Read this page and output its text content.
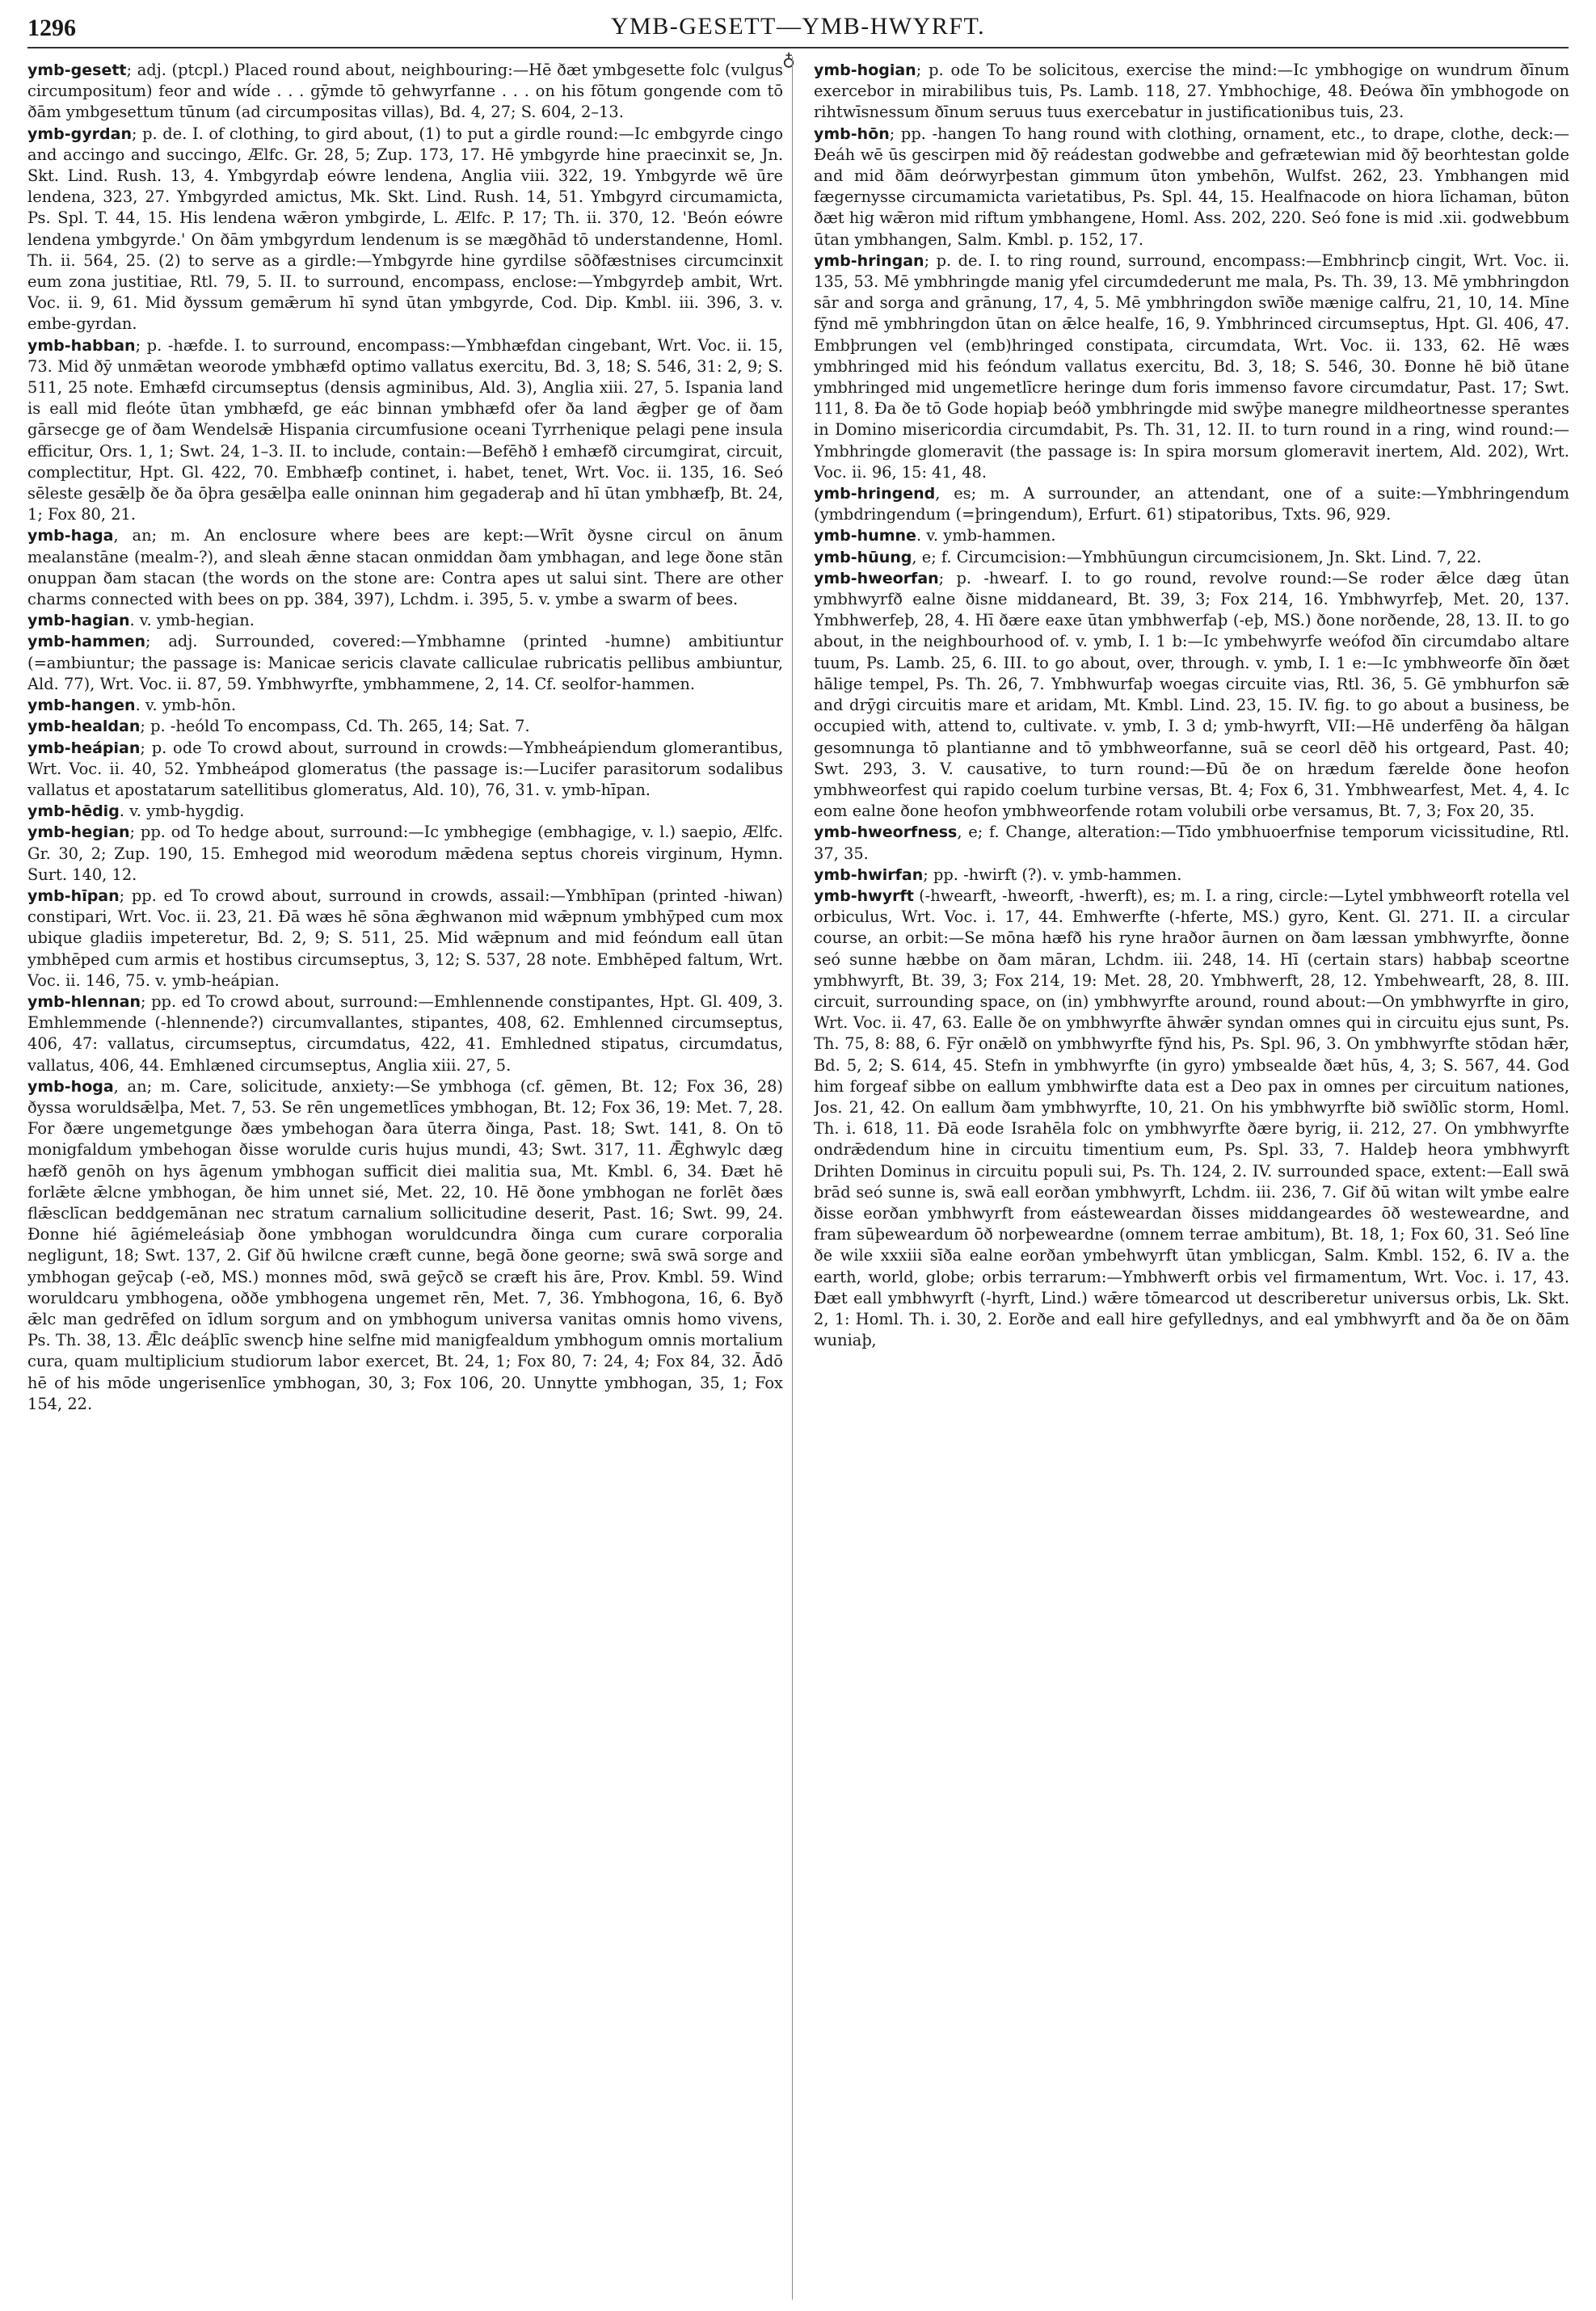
1296	YMB-GESETT—YMB-HWYRFT.
♁

ymb-gesett; adj. (ptcpl.) Placed round about, neighbouring:—Hē ðæt ymbgesette folc (vulgus circumpositum) feor and wíde . . . gȳmde tō gehwyrfanne . . . on his fōtum gongende com tō ðām ymbgesettum tūnum (ad circumpositas villas), Bd. 4, 27; S. 604, 2–13.

ymb-gyrdan; p. de. I. of clothing, to gird about, (1) to put a girdle round:—Ic embgyrde cingo and accingo and succingo, Ælfc. Gr. 28, 5; Zup. 173, 17. Hē ymbgyrde hine praecinxit se, Jn. Skt. Lind. Rush. 13, 4. Ymbgyrdaþ eówre lendena, Anglia viii. 322, 19. Ymbgyrde wē ūre lendena, 323, 27. Ymbgyrded amictus, Mk. Skt. Lind. Rush. 14, 51. Ymbgyrd circumamicta, Ps. Spl. T. 44, 15. His lendena wǣron ymbgirde, L. Ælfc. P. 17; Th. ii. 370, 12. 'Beón eówre lendena ymbgyrde.' On ðām ymbgyrdum lendenum is se mægðhād tō understandenne, Homl. Th. ii. 564, 25. (2) to serve as a girdle:—Ymbgyrde hine gyrdilse sōðfæstnises circumcinxit eum zona justitiae, Rtl. 79, 5. II. to surround, encompass, enclose:—Ymbgyrdeþ ambit, Wrt. Voc. ii. 9, 61. Mid ðyssum gemǣrum hī synd ūtan ymbgyrde, Cod. Dip. Kmbl. iii. 396, 3. v. embe-gyrdan.

ymb-habban; p. -hæfde. I. to surround, encompass:—Ymbhæfdan cingebant, Wrt. Voc. ii. 15, 73. Mid ðȳ unmǣtan weorode ymbhæfd optimo vallatus exercitu, Bd. 3, 18; S. 546, 31: 2, 9; S. 511, 25 note. Emhæfd circumseptus (densis agminibus, Ald. 3), Anglia xiii. 27, 5. Ispania land is eall mid fleóte ūtan ymbhæfd, ge eác binnan ymbhæfd ofer ða land ǣgþer ge of ðam gārsecge ge of ðam Wendelsǣ Hispania circumfusione oceani Tyrrhenique pelagi pene insula efficitur, Ors. 1, 1; Swt. 24, 1–3. II. to include, contain:—Befēhð ł emhæfð circumgirat, circuit, complectitur, Hpt. Gl. 422, 70. Embhæfþ continet, i. habet, tenet, Wrt. Voc. ii. 135, 16. Seó sēleste gesǣlþ ðe ða ōþra gesǣlþa ealle oninnan him gegaderaþ and hī ūtan ymbhæfþ, Bt. 24, 1; Fox 80, 21.

ymb-haga, an; m. An enclosure where bees are kept:—Wrīt ðysne circul on ānum mealanstāne (mealm-?), and sleah ǣnne stacan onmiddan ðam ymbhagan, and lege ðone stān onuppan ðam stacan (the words on the stone are: Contra apes ut salui sint. There are other charms connected with bees on pp. 384, 397), Lchdm. i. 395, 5. v. ymbe a swarm of bees.

ymb-hagian. v. ymb-hegian.

ymb-hammen; adj. Surrounded, covered:—Ymbhamne (printed -humne) ambitiuntur (=ambiuntur; the passage is: Manicae sericis clavate calliculae rubricatis pellibus ambiuntur, Ald. 77), Wrt. Voc. ii. 87, 59. Ymbhwyrfte, ymbhammene, 2, 14. Cf. seolfor-hammen.

ymb-hangen. v. ymb-hōn.

ymb-healdan; p. -heóld To encompass, Cd. Th. 265, 14; Sat. 7.

ymb-heápian; p. ode To crowd about, surround in crowds:—Ymbheápiendum glomerantibus, Wrt. Voc. ii. 40, 52. Ymbheápod glomeratus (the passage is:—Lucifer parasitorum sodalibus vallatus et apostatarum satellitibus glomeratus, Ald. 10), 76, 31. v. ymb-hīpan.

ymb-hēdig. v. ymb-hygdig.

ymb-hegian; pp. od To hedge about, surround:—Ic ymbhegige (embhagige, v. l.) saepio, Ælfc. Gr. 30, 2; Zup. 190, 15. Emhegod mid weorodum mǣdena septus choreis virginum, Hymn. Surt. 140, 12.

ymb-hīpan; pp. ed To crowd about, surround in crowds, assail:—Ymbhīpan (printed -hiwan) constipari, Wrt. Voc. ii. 23, 21. Ðā wæs hē sōna ǣghwanon mid wǣpnum ymbhȳped cum mox ubique gladiis impeteretur, Bd. 2, 9; S. 511, 25. Mid wǣpnum and mid feóndum eall ūtan ymbhēped cum armis et hostibus circumseptus, 3, 12; S. 537, 28 note. Embhēped faltum, Wrt. Voc. ii. 146, 75. v. ymb-heápian.

ymb-hlennan; pp. ed To crowd about, surround:—Emhlennende constipantes, Hpt. Gl. 409, 3. Emhlemmende (-hlennende?) circumvallantes, stipantes, 408, 62. Emhlenned circumseptus, 406, 47: vallatus, circumseptus, circumdatus, 422, 41. Emhledned stipatus, circumdatus, vallatus, 406, 44. Emhlæned circumseptus, Anglia xiii. 27, 5.

ymb-hoga, an; m. Care, solicitude, anxiety:—Se ymbhoga (cf. gēmen, Bt. 12; Fox 36, 28) ðyssa woruldsǣlþa, Met. 7, 53. Se rēn ungemetlīces ymbhogan, Bt. 12; Fox 36, 19: Met. 7, 28. For ðære ungemetgunge ðæs ymbehogan ðara ūterra ðinga, Past. 18; Swt. 141, 8. On tō monigfaldum ymbehogan ðisse worulde curis hujus mundi, 43; Swt. 317, 11. Ǣghwylc dæg hæfð genōh on hys āgenum ymbhogan sufficit diei malitia sua, Mt. Kmbl. 6, 34. Ðæt hē forlǣte ǣlcne ymbhogan, ðe him unnet sié, Met. 22, 10. Hē ðone ymbhogan ne forlēt ðæs flǣsclīcan beddgemānan nec stratum carnalium sollicitudine deserit, Past. 16; Swt. 99, 24. Ðonne hié āgiémeleásiaþ ðone ymbhogan woruldcundra ðinga cum curare corporalia negligunt, 18; Swt. 137, 2. Gif ðū hwilcne cræft cunne, begā ðone georne; swā swā sorge and ymbhogan geȳcaþ (-eð, MS.) monnes mōd, swā geȳcð se cræft his āre, Prov. Kmbl. 59. Wind woruldcaru ymbhogena, oððe ymbhogena ungemet rēn, Met. 7, 36. Ymbhogona, 16, 6. Byð ǣlc man gedrēfed on īdlum sorgum and on ymbhogum universa vanitas omnis homo vivens, Ps. Th. 38, 13. Ǣlc deáþlīc swencþ hine selfne mid manigfealdum ymbhogum omnis mortalium cura, quam multiplicium studiorum labor exercet, Bt. 24, 1; Fox 80, 7: 24, 4; Fox 84, 32. Ādō hē of his mōde ungerisenlīce ymbhogan, 30, 3; Fox 106, 20. Unnytte ymbhogan, 35, 1; Fox 154, 22.

ymb-hogian; p. ode To be solicitous, exercise the mind:—Ic ymbhogige on wundrum ðīnum exercebor in mirabilibus tuis, Ps. Lamb. 118, 27. Ymbhochige, 48. Ðeówa ðīn ymbhogode on rihtwīsnessum ðīnum seruus tuus exercebatur in justificationibus tuis, 23.

ymb-hōn; pp. -hangen To hang round with clothing, ornament, etc., to drape, clothe, deck:—Ðeáh wē ūs gescirpen mid ðȳ reádestan godwebbe and gefrætewian mid ðȳ beorhtestan golde and mid ðām deórwyrþestan gimmum ūton ymbehōn, Wulfst. 262, 23. Ymbhangen mid fægernysse circumamicta varietatibus, Ps. Spl. 44, 15. Healfnacode on hiora līchaman, būton ðæt hig wǣron mid riftum ymbhangene, Homl. Ass. 202, 220. Seó fone is mid .xii. godwebbum ūtan ymbhangen, Salm. Kmbl. p. 152, 17.

ymb-hringan; p. de. I. to ring round, surround, encompass:—Embhrincþ cingit, Wrt. Voc. ii. 135, 53. Mē ymbhringde manig yfel circumdederunt me mala, Ps. Th. 39, 13. Mē ymbhringdon sār and sorga and grānung, 17, 4, 5. Mē ymbhringdon swīðe mænige calfru, 21, 10, 14. Mīne fȳnd mē ymbhringdon ūtan on ǣlce healfe, 16, 9. Ymbhrinced circumseptus, Hpt. Gl. 406, 47. Embþrungen vel (emb)hringed constipata, circumdata, Wrt. Voc. ii. 133, 62. Hē wæs ymbhringed mid his feóndum vallatus exercitu, Bd. 3, 18; S. 546, 30. Ðonne hē bið ūtane ymbhringed mid ungemetlīcre heringe dum foris immenso favore circumdatur, Past. 17; Swt. 111, 8. Ða ðe tō Gode hopiaþ beóð ymbhringde mid swȳþe manegre mildheortnesse sperantes in Domino misericordia circumdabit, Ps. Th. 31, 12. II. to turn round in a ring, wind round:—Ymbhringde glomeravit (the passage is: In spira morsum glomeravit inertem, Ald. 202), Wrt. Voc. ii. 96, 15: 41, 48.

ymb-hringend, es; m. A surrounder, an attendant, one of a suite:—Ymbhringendum (ymbdringendum (=þringendum), Erfurt. 61) stipatoribus, Txts. 96, 929.

ymb-humne. v. ymb-hammen.

ymb-hūung, e; f. Circumcision:—Ymbhūungun circumcisionem, Jn. Skt. Lind. 7, 22.

ymb-hweorfan; p. -hwearf. I. to go round, revolve round:—Se roder ǣlce dæg ūtan ymbhwyrfð ealne ðisne middaneard, Bt. 39, 3; Fox 214, 16. Ymbhwyrfeþ, Met. 20, 137. Ymbhwerfeþ, 28, 4. Hī ðære eaxe ūtan ymbhwerfaþ (-eþ, MS.) ðone norðende, 28, 13. II. to go about, in the neighbourhood of. v. ymb, I. 1 b:—Ic ymbehwyrfe weófod ðīn circumdabo altare tuum, Ps. Lamb. 25, 6. III. to go about, over, through. v. ymb, I. 1 e:—Ic ymbhweorfe ðīn ðæt hālige tempel, Ps. Th. 26, 7. Ymbhwurfaþ woegas circuite vias, Rtl. 36, 5. Gē ymbhurfon sǣ and drȳgi circuitis mare et aridam, Mt. Kmbl. Lind. 23, 15. IV. fig. to go about a business, be occupied with, attend to, cultivate. v. ymb, I. 3 d; ymb-hwyrft, VII:—Hē underfēng ða hālgan gesomnunga tō plantianne and tō ymbhweorfanne, suā se ceorl dēð his ortgeard, Past. 40; Swt. 293, 3. V. causative, to turn round:—Ðū ðe on hrædum færelde ðone heofon ymbhweorfest qui rapido coelum turbine versas, Bt. 4; Fox 6, 31. Ymbhwearfest, Met. 4, 4. Ic eom ealne ðone heofon ymbhweorfende rotam volubili orbe versamus, Bt. 7, 3; Fox 20, 35.

ymb-hweorfness, e; f. Change, alteration:—Tīdo ymbhuoerfnise temporum vicissitudine, Rtl. 37, 35.

ymb-hwirfan; pp. -hwirft (?). v. ymb-hammen.

ymb-hwyrft (-hwearft, -hweorft, -hwerft), es; m. I. a ring, circle:—Lytel ymbhweorft rotella vel orbiculus, Wrt. Voc. i. 17, 44. Emhwerfte (-hferte, MS.) gyro, Kent. Gl. 271. II. a circular course, an orbit:—Se mōna hæfð his ryne hraðor āurnen on ðam læssan ymbhwyrfte, ðonne seó sunne hæbbe on ðam māran, Lchdm. iii. 248, 14. Hī (certain stars) habbaþ sceortne ymbhwyrft, Bt. 39, 3; Fox 214, 19: Met. 28, 20. Ymbhwerft, 28, 12. Ymbehwearft, 28, 8. III. circuit, surrounding space, on (in) ymbhwyrfte around, round about:—On ymbhwyrfte in giro, Wrt. Voc. ii. 47, 63. Ealle ðe on ymbhwyrfte āhwǣr syndan omnes qui in circuitu ejus sunt, Ps. Th. 75, 8: 88, 6. Fȳr onǣlð on ymbhwyrfte fȳnd his, Ps. Spl. 96, 3. On ymbhwyrfte stōdan hǣr, Bd. 5, 2; S. 614, 45. Stefn in ymbhwyrfte (in gyro) ymbsealde ðæt hūs, 4, 3; S. 567, 44. God him forgeaf sibbe on eallum ymbhwirfte data est a Deo pax in omnes per circuitum nationes, Jos. 21, 42. On eallum ðam ymbhwyrfte, 10, 21. On his ymbhwyrfte bið swīðlīc storm, Homl. Th. i. 618, 11. Ðā eode Israhēla folc on ymbhwyrfte ðære byrig, ii. 212, 27. On ymbhwyrfte ondrǣdendum hine in circuitu timentium eum, Ps. Spl. 33, 7. Haldeþ heora ymbhwyrft Drihten Dominus in circuitu populi sui, Ps. Th. 124, 2. IV. surrounded space, extent:—Eall swā brād seó sunne is, swā eall eorðan ymbhwyrft, Lchdm. iii. 236, 7. Gif ðū witan wilt ymbe ealre ðisse eorðan ymbhwyrft from eásteweardan ðisses middangeardes ōð westeweardne, and fram sūþeweardum ōð norþeweardne (omnem terrae ambitum), Bt. 18, 1; Fox 60, 31. Seó līne ðe wile xxxiii sīða ealne eorðan ymbehwyrft ūtan ymblicgan, Salm. Kmbl. 152, 6. IV a. the earth, world, globe; orbis terrarum:—Ymbhwerft orbis vel firmamentum, Wrt. Voc. i. 17, 43. Ðæt eall ymbhwyrft (-hyrft, Lind.) wǣre tōmearcod ut describeretur universus orbis, Lk. Skt. 2, 1: Homl. Th. i. 30, 2. Eorðe and eall hire gefyllednys, and eal ymbhwyrft and ða ðe on ðām wuniaþ,
